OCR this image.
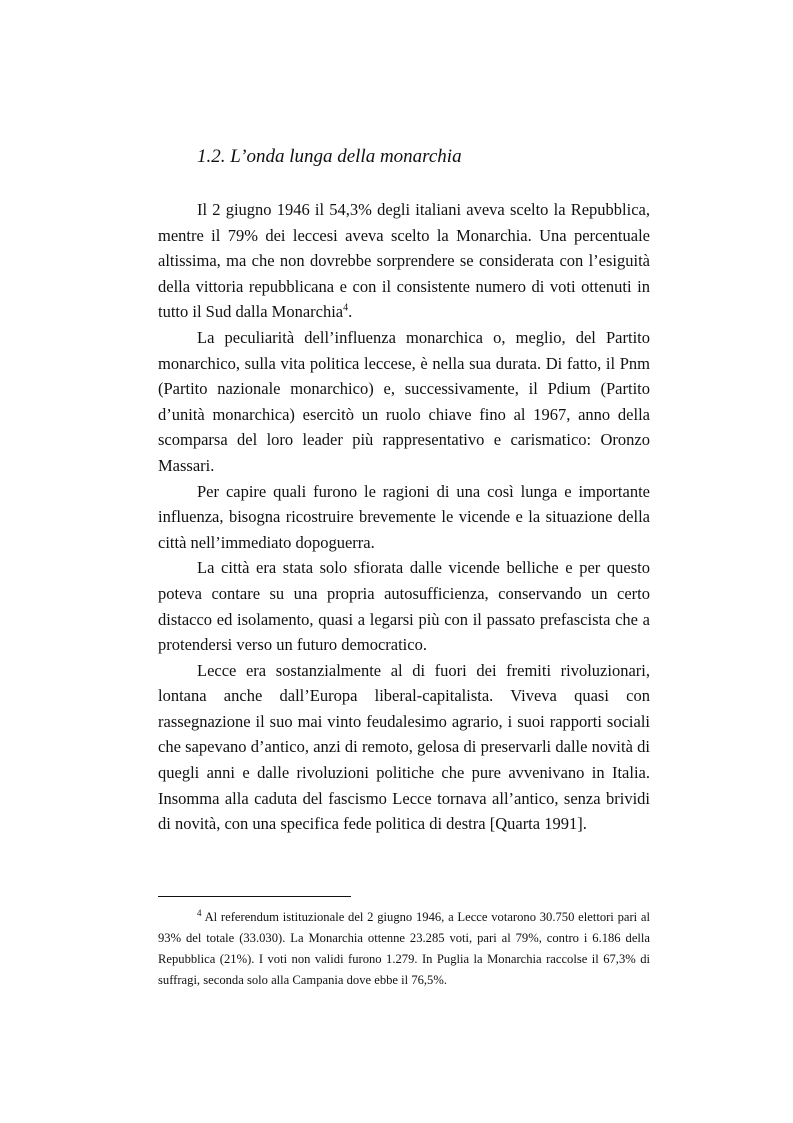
1.2. L’onda lunga della monarchia

Il 2 giugno 1946 il 54,3% degli italiani aveva scelto la Repubblica, mentre il 79% dei leccesi aveva scelto la Monarchia. Una percentuale altissima, ma che non dovrebbe sorprendere se considerata con l’esiguità della vittoria repubblicana e con il consistente numero di voti ottenuti in tutto il Sud dalla Monarchia$^4$.

La peculiarità dell’influenza monarchica o, meglio, del Partito monarchico, sulla vita politica leccese, è nella sua durata. Di fatto, il Pnm (Partito nazionale monarchico) e, successivamente, il Pdium (Partito d’unità monarchica) esercitò un ruolo chiave fino al 1967, anno della scomparsa del loro leader più rappresentativo e carismatico: Oronzo Massari.

Per capire quali furono le ragioni di una così lunga e importante influenza, bisogna ricostruire brevemente le vicende e la situazione della città nell’immediato dopoguerra.

La città era stata solo sfiorata dalle vicende belliche e per questo poteva contare su una propria autosufficienza, conservando un certo distacco ed isolamento, quasi a legarsi più con il passato prefascista che a protendersi verso un futuro democratico.

Lecce era sostanzialmente al di fuori dei fremiti rivoluzionari, lontana anche dall’Europa liberal-capitalista. Viveva quasi con rassegnazione il suo mai vinto feudalesimo agrario, i suoi rapporti sociali che sapevano d’antico, anzi di remoto, gelosa di preservarli dalle novità di quegli anni e dalle rivoluzioni politiche che pure avvenivano in Italia. Insomma alla caduta del fascismo Lecce tornava all’antico, senza brividi di novità, con una specifica fede politica di destra [Quarta 1991].

$^4$ Al referendum istituzionale del 2 giugno 1946, a Lecce votarono 30.750 elettori pari al 93% del totale (33.030). La Monarchia ottenne 23.285 voti, pari al 79%, contro i 6.186 della Repubblica (21%). I voti non validi furono 1.279. In Puglia la Monarchia raccolse il 67,3% di suffragi, seconda solo alla Campania dove ebbe il 76,5%.
